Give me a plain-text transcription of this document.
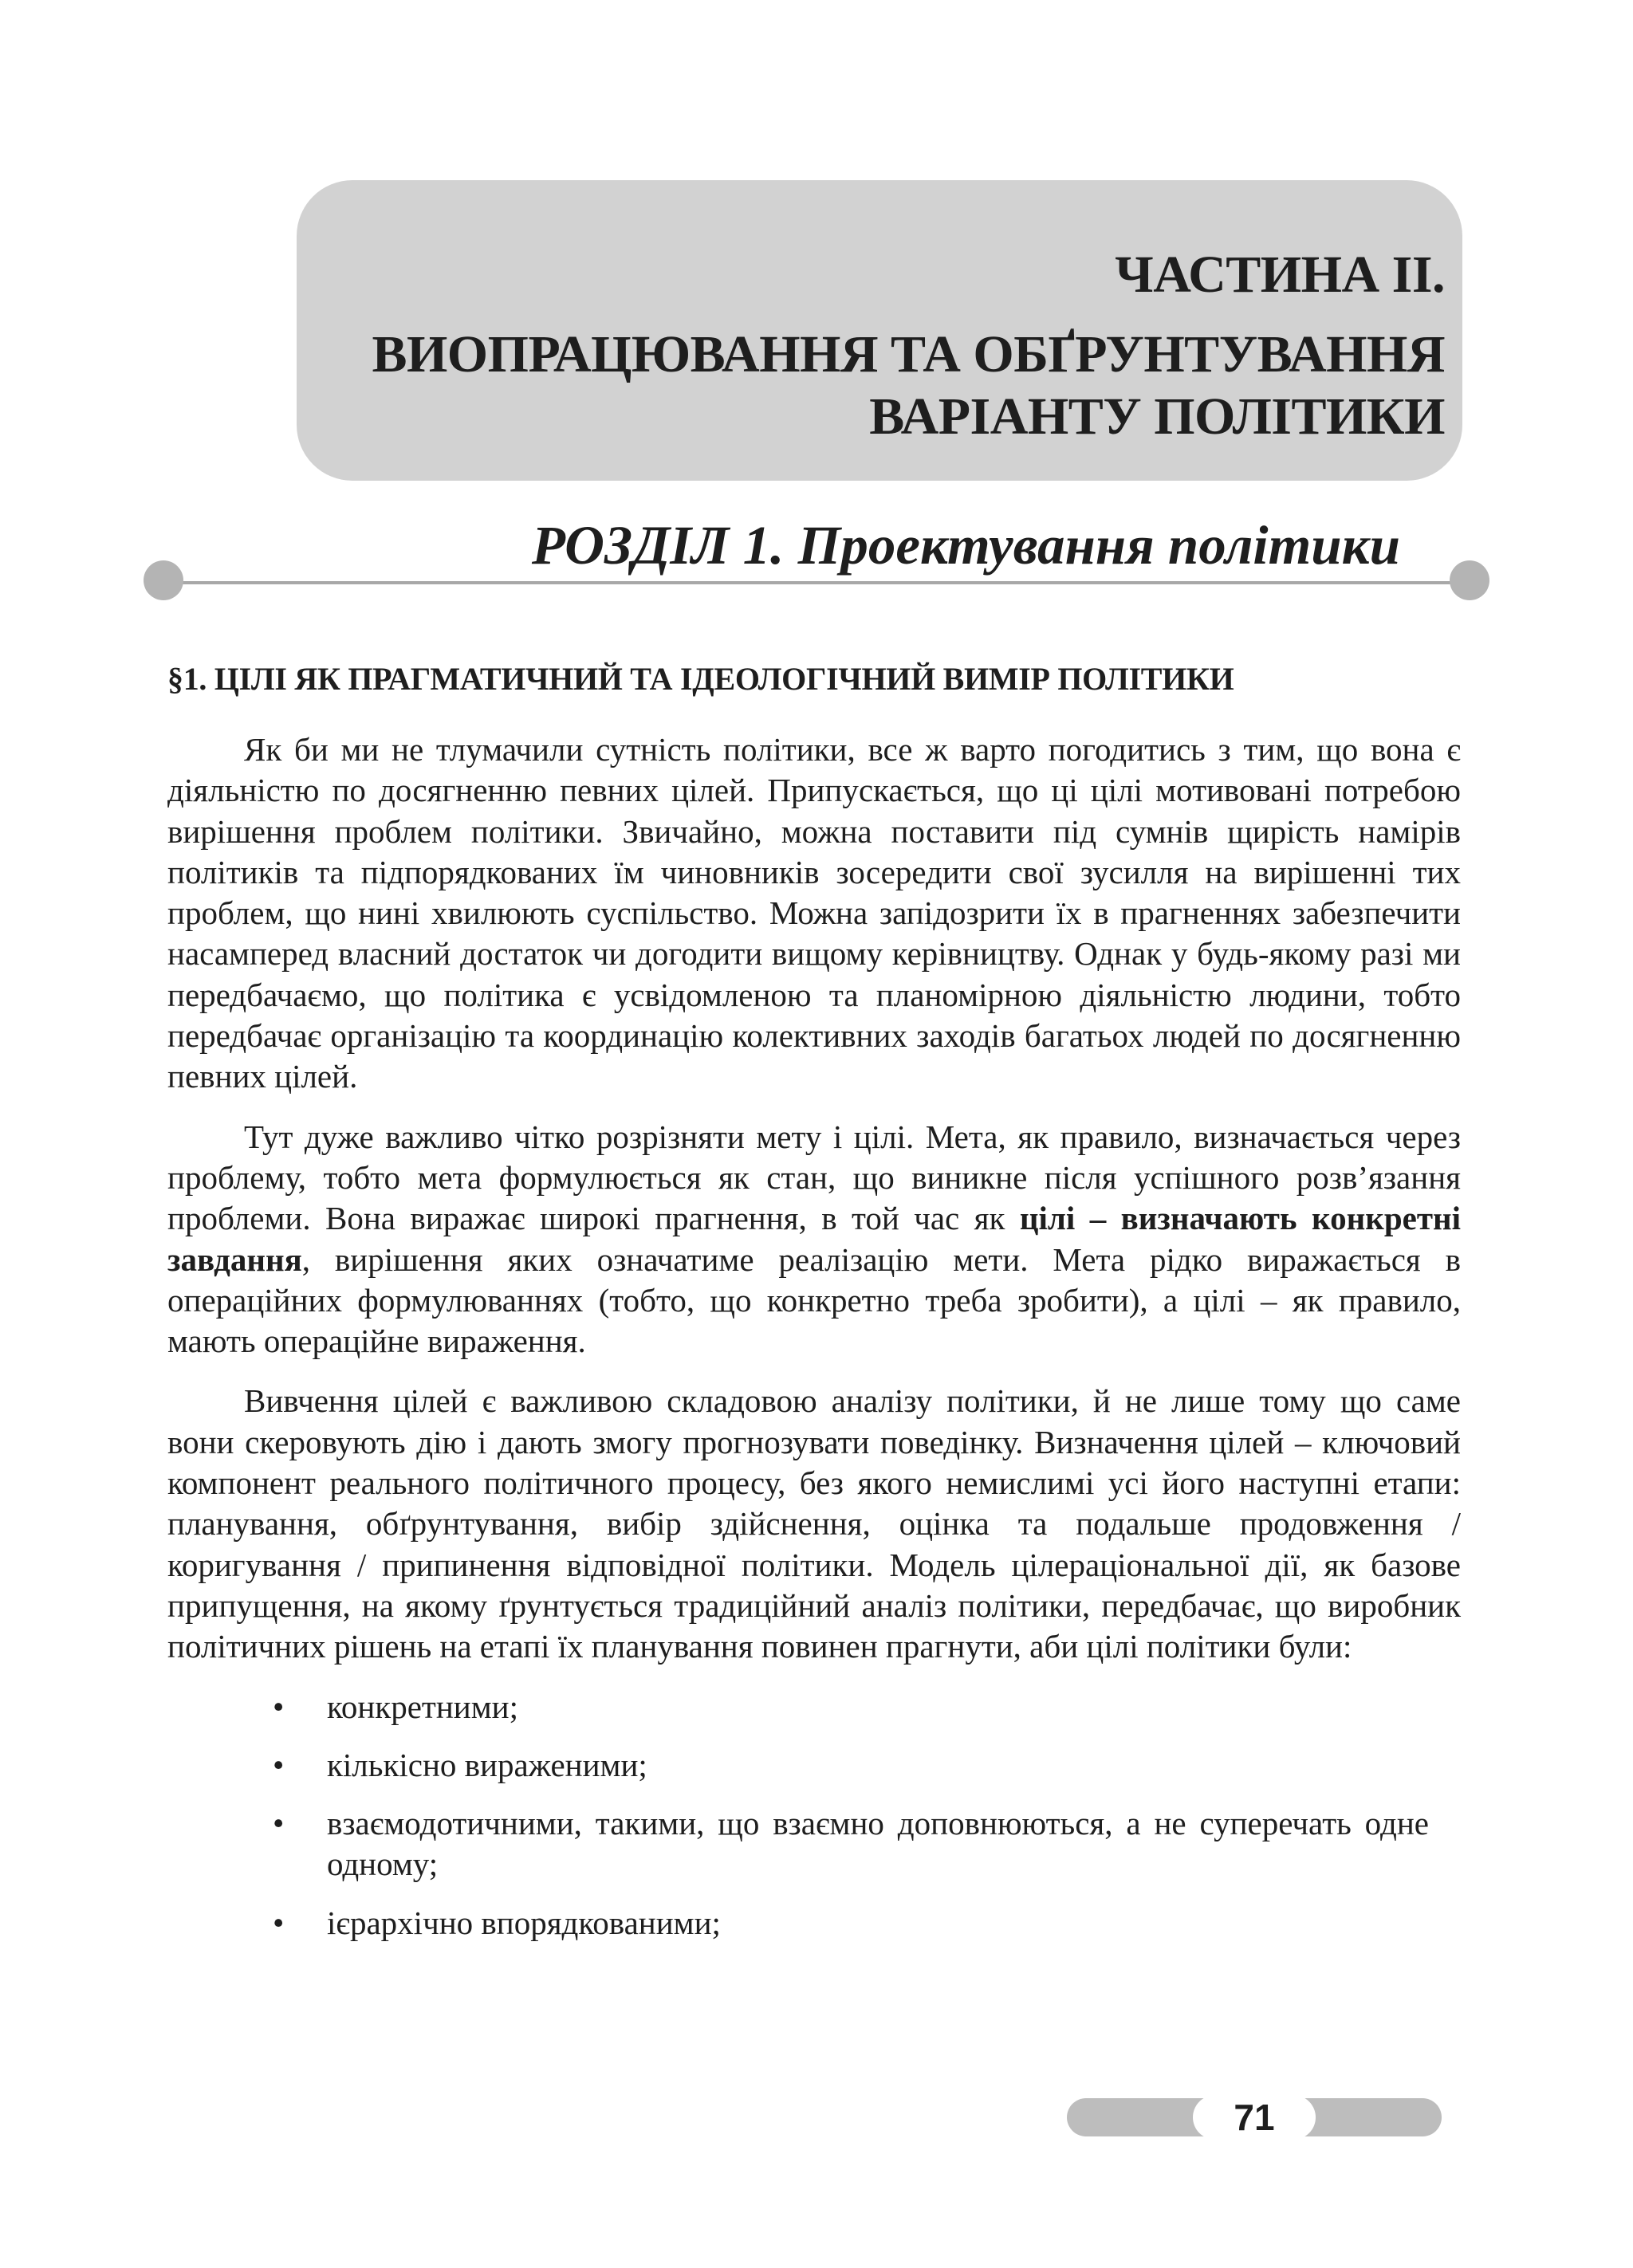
ЧАСТИНА ІІ.
ВИОПРАЦЮВАННЯ ТА ОБҐРУНТУВАННЯ
ВАРІАНТУ ПОЛІТИКИ
РОЗДІЛ 1. Проектування політики
§1. ЦІЛІ ЯК ПРАГМАТИЧНИЙ ТА ІДЕОЛОГІЧНИЙ ВИМІР ПОЛІТИКИ

Як би ми не тлумачили сутність політики, все ж варто погодитись з тим, що вона є діяльністю по досягненню певних цілей. Припускається, що ці цілі мотивовані потребою вирішення проблем політики. Звичайно, можна поставити під сумнів щирість намірів політиків та підпорядкованих їм чиновників зосередити свої зусилля на вирішенні тих проблем, що нині хвилюють суспільство. Можна запідозрити їх в прагненнях забезпечити насамперед власний достаток чи догодити вищому керівництву. Однак у будь-якому разі ми передбачаємо, що політика є усвідомленою та планомірною діяльністю людини, тобто передбачає організацію та координацію колективних заходів багатьох людей по досягненню певних цілей.

Тут дуже важливо чітко розрізняти мету і цілі. Мета, як правило, визначається через проблему, тобто мета формулюється як стан, що виникне після успішного розв’язання проблеми. Вона виражає широкі прагнення, в той час як цілі – визначають конкретні завдання, вирішення яких означатиме реалізацію мети. Мета рідко виражається в операційних формулюваннях (тобто, що конкретно треба зробити), а цілі – як правило, мають операційне вираження.

Вивчення цілей є важливою складовою аналізу політики, й не лише тому що саме вони скеровують дію і дають змогу прогнозувати поведінку. Визначення цілей – ключовий компонент реального політичного процесу, без якого немислимі усі його наступні етапи: планування, обґрунтування, вибір здійснення, оцінка та подальше продовження / коригування / припинення відповідної політики. Модель цілераціональної дії, як базове припущення, на якому ґрунтується традиційний аналіз політики, передбачає, що виробник політичних рішень на етапі їх планування повинен прагнути, аби цілі політики були:

• конкретними;
• кількісно вираженими;
• взаємодотичними, такими, що взаємно доповнюються, а не суперечать одне одному;
• ієрархічно впорядкованими;
71
